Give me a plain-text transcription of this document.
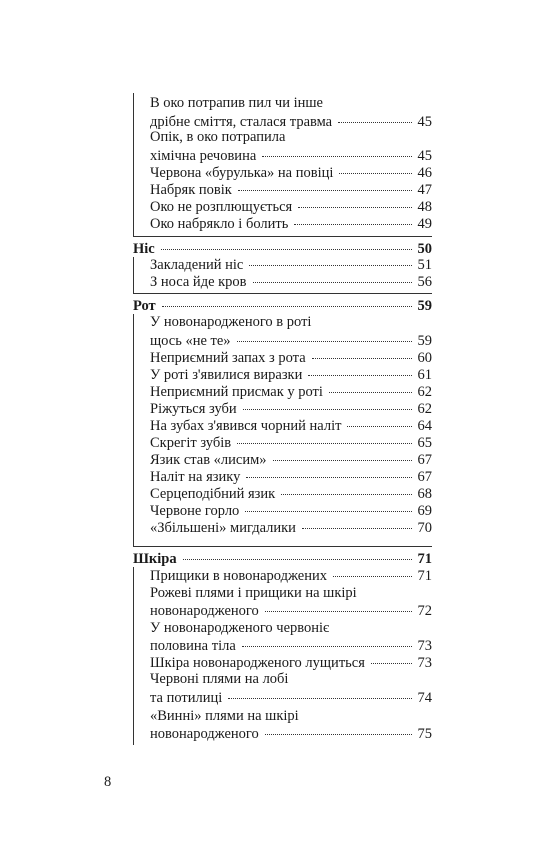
В око потрапив пил чи інше
дрібне сміття, сталася травма	45
Опік, в око потрапила
хімічна речовина	45
Червона «бурулька» на повіці	46
Набряк повік	47
Око не розплющується	48
Око набрякло і болить	49
Ніс	50
Закладений ніс	51
З носа йде кров	56
Рот	59
У новонародженого в роті
щось «не те»	59
Неприємний запах з рота	60
У роті з'явилися виразки	61
Неприємний присмак у роті	62
Ріжуться зуби	62
На зубах з'явився чорний наліт	64
Скрегіт зубів	65
Язик став «лисим»	67
Наліт на язику	67
Серцеподібний язик	68
Червоне горло	69
«Збільшені» мигдалики	70
Шкіра	71
Прищики в новонароджених	71
Рожеві плями і прищики на шкірі
новонародженого	72
У новонародженого червоніє
половина тіла	73
Шкіра новонародженого лущиться	73
Червоні плями на лобі
та потилиці	74
«Винні» плями на шкірі
новонародженого	75
8
